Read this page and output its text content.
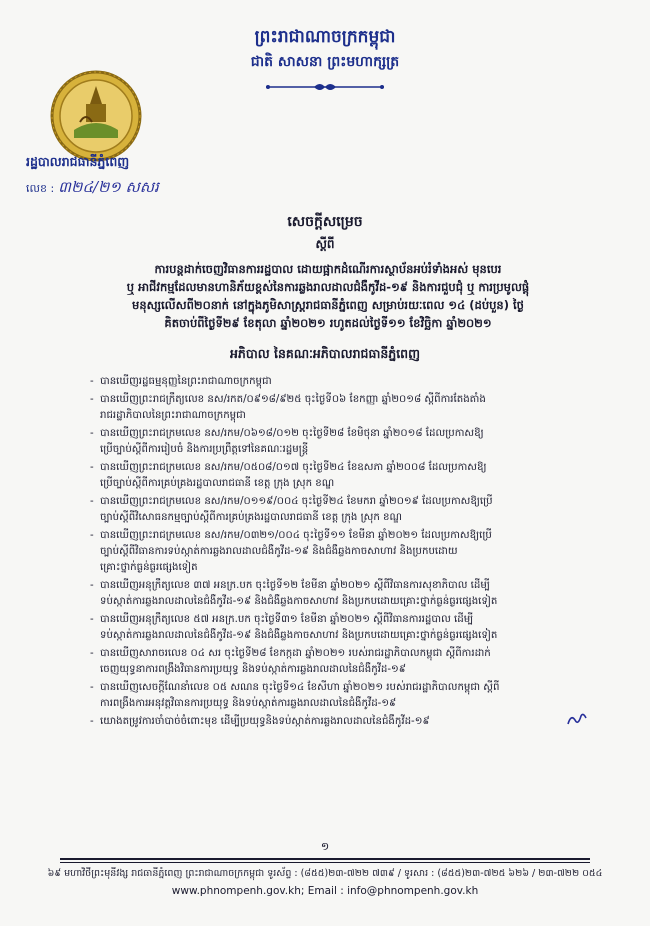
ព្រះរាជាណាចក្រកម្ពុជា
ជាតិ សាសនា ព្រះមហាក្សត្រ
រដ្ឋបាលរាជធានីភ្នំពេញ
លេខ : ៣២៤/២១ សសរ
សេចក្តីសម្រេច
ស្តីពី
ការបន្តដាក់ចេញវិធានការរដ្ឋបាល ដោយផ្អាកដំណើរការស្ថាប័នអប់រំទាំងអស់ មុនបេរ
ឬ អាជីវកម្មដែលមានហានិភ័យខ្ពស់នៃការឆ្លងរាលដាលជំងឺកូវីដ-១៩ និងការជួបជុំ ឬ ការប្រមូលផ្តុំ
មនុស្សលើសពី២០នាក់ នៅក្នុងភូមិសាស្ត្ររាជធានីភ្នំពេញ សម្រាប់រយៈពេល ១៤ (ដប់បួន) ថ្ងៃ
គិតចាប់ពីថ្ងៃទី២៩ ខែតុលា ឆ្នាំ២០២១ រហូតដល់ថ្ងៃទី១១ ខែវិច្ឆិកា ឆ្នាំ២០២១
អភិបាល នៃគណៈអភិបាលរាជធានីភ្នំពេញ
- បានឃើញរដ្ឋធម្មនុញ្ញនៃព្រះរាជាណាចក្រកម្ពុជា
- បានឃើញព្រះរាជក្រឹត្យលេខ នស/រកត/០៩១៨/៩២៥ ចុះថ្ងៃទី០៦ ខែកញ្ញា ឆ្នាំ២០១៨ ស្តីពីការតែងតាំង
រាជរដ្ឋាភិបាលនៃព្រះរាជាណាចក្រកម្ពុជា
- បានឃើញព្រះរាជក្រមលេខ នស/រកម/០៦១៨/០១២ ចុះថ្ងៃទី២៨ ខែមិថុនា ឆ្នាំ២០១៨ ដែលប្រកាសឱ្យ
ប្រើច្បាប់ស្តីពីការរៀបចំ និងការប្រព្រឹត្តទៅនៃគណៈរដ្ឋមន្ត្រី
- បានឃើញព្រះរាជក្រមលេខ នស/រកម/០៥០៨/០១៧ ចុះថ្ងៃទី២៤ ខែឧសភា ឆ្នាំ២០០៨ ដែលប្រកាសឱ្យ
ប្រើច្បាប់ស្តីពីការគ្រប់គ្រងរដ្ឋបាលរាជធានី ខេត្ត ក្រុង ស្រុក ខណ្ឌ
- បានឃើញព្រះរាជក្រមលេខ នស/រកម/០១១៩/០០៤ ចុះថ្ងៃទី២៤ ខែមករា ឆ្នាំ២០១៩ ដែលប្រកាសឱ្យប្រើ
ច្បាប់ស្តីពីវិសោធនកម្មច្បាប់ស្តីពីការគ្រប់គ្រងរដ្ឋបាលរាជធានី ខេត្ត ក្រុង ស្រុក ខណ្ឌ
- បានឃើញព្រះរាជក្រមលេខ នស/រកម/០៣២១/០០៤ ចុះថ្ងៃទី១១ ខែមីនា ឆ្នាំ២០២១ ដែលប្រកាសឱ្យប្រើ
ច្បាប់ស្តីពីវិធានការទប់ស្កាត់ការឆ្លងរាលដាលជំងឺកូវីដ-១៩ និងជំងឺឆ្លងកាចសាហាវ និងប្រកបដោយ
គ្រោះថ្នាក់ធ្ងន់ធ្ងរផ្សេងទៀត
- បានឃើញអនុក្រឹត្យលេខ ៣៧ អនក្រ.បក ចុះថ្ងៃទី១២ ខែមីនា ឆ្នាំ២០២១ ស្តីពីវិធានការសុខាភិបាល ដើម្បី
ទប់ស្កាត់ការឆ្លងរាលដាលនៃជំងឺកូវីដ-១៩ និងជំងឺឆ្លងកាចសាហាវ និងប្រកបដោយគ្រោះថ្នាក់ធ្ងន់ធ្ងរផ្សេងទៀត
- បានឃើញអនុក្រឹត្យលេខ ៥៧ អនក្រ.បក ចុះថ្ងៃទី៣១ ខែមីនា ឆ្នាំ២០២១ ស្តីពីវិធានការរដ្ឋបាល ដើម្បី
ទប់ស្កាត់ការឆ្លងរាលដាលនៃជំងឺកូវីដ-១៩ និងជំងឺឆ្លងកាចសាហាវ និងប្រកបដោយគ្រោះថ្នាក់ធ្ងន់ធ្ងរផ្សេងទៀត
- បានឃើញសារាចរលេខ ០៤ សរ ចុះថ្ងៃទី២៨ ខែកក្កដា ឆ្នាំ២០២១ របស់រាជរដ្ឋាភិបាលកម្ពុជា ស្តីពីការដាក់
ចេញយុទ្ធនាការពង្រឹងវិធានការប្រយុទ្ធ និងទប់ស្កាត់ការឆ្លងរាលដាលនៃជំងឺកូវីដ-១៩
- បានឃើញសេចក្តីណែនាំលេខ ០៥ សណន ចុះថ្ងៃទី១៤ ខែសីហា ឆ្នាំ២០២១ របស់រាជរដ្ឋាភិបាលកម្ពុជា ស្តីពី
ការពង្រឹងការអនុវត្តវិធានការប្រយុទ្ធ និងទប់ស្កាត់ការឆ្លងរាលដាលនៃជំងឺកូវីដ-១៩
- យោងតម្រូវការចាំបាច់ចំពោះមុខ ដើម្បីប្រយុទ្ធនិងទប់ស្កាត់ការឆ្លងរាលដាលនៃជំងឺកូវីដ-១៩
១
៦៩ មហាវិថីព្រះមុនីវង្ស រាជធានីភ្នំពេញ ព្រះរាជាណាចក្រកម្ពុជា ទូរស័ព្ទ : (៨៥៥)២៣-៧២២ ៧៣៩ / ទូរសារ : (៨៥៥)២៣-៧២៥ ៦២៦ / ២៣-៧២២ ០៥៤
www.phnompenh.gov.kh; Email : info@phnompenh.gov.kh
